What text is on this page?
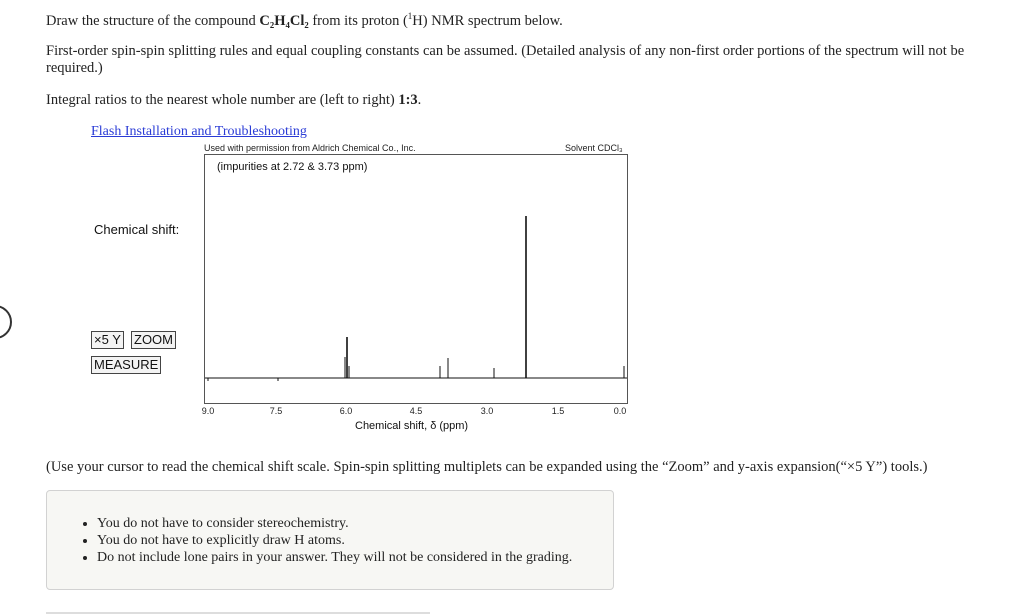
Draw the structure of the compound C₂H₄Cl₂ from its proton ($^1$H) NMR spectrum below.

First-order spin-spin splitting rules and equal coupling constants can be assumed. (Detailed analysis of any non-first order portions of the spectrum will not be required.)

Integral ratios to the nearest whole number are (left to right) 1:3.

Flash Installation and Troubleshooting
Chemical shift:
×5 Y ZOOM
MEASURE
Used with permission from Aldrich Chemical Co., Inc.	Solvent CDCl₃
(impurities at 2.72 & 3.73 ppm)
9.0	7.5	6.0	4.5	3.0	1.5	0.0
Chemical shift, δ (ppm)

(Use your cursor to read the chemical shift scale. Spin-spin splitting multiplets can be expanded using the “Zoom” and y-axis expansion(“×5 Y”) tools.)

• You do not have to consider stereochemistry.
• You do not have to explicitly draw H atoms.
• Do not include lone pairs in your answer. They will not be considered in the grading.
